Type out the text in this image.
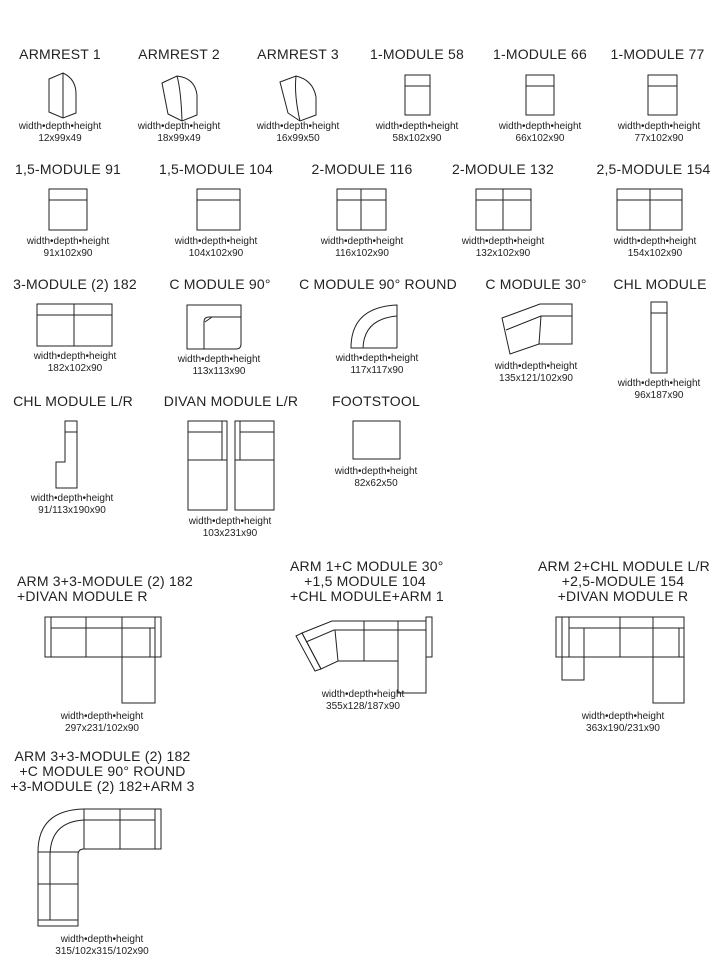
ARMREST 1
width•depth•height
12x99x49
ARMREST 2
width•depth•height
18x99x49
ARMREST 3
width•depth•height
16x99x50
1-MODULE 58
width•depth•height
58x102x90
1-MODULE 66
width•depth•height
66x102x90
1-MODULE 77
width•depth•height
77x102x90
1,5-MODULE 91
width•depth•height
91x102x90
1,5-MODULE 104
width•depth•height
104x102x90
2-MODULE 116
width•depth•height
116x102x90
2-MODULE 132
width•depth•height
132x102x90
2,5-MODULE 154
width•depth•height
154x102x90
3-MODULE (2) 182
width•depth•height
182x102x90
C MODULE 90°
width•depth•height
113x113x90
C MODULE 90° ROUND
width•depth•height
117x117x90
C MODULE 30°
width•depth•height
135x121/102x90
CHL MODULE
width•depth•height
96x187x90
CHL MODULE L/R
width•depth•height
91/113x190x90
DIVAN MODULE L/R
width•depth•height
103x231x90
FOOTSTOOL
width•depth•height
82x62x50
ARM 3+3-MODULE (2) 182
+DIVAN MODULE R
width•depth•height
297x231/102x90
ARM 1+C MODULE 30°
+1,5 MODULE 104
+CHL MODULE+ARM 1
width•depth•height
355x128/187x90
ARM 2+CHL MODULE L/R
+2,5-MODULE 154
+DIVAN MODULE R
width•depth•height
363x190/231x90
ARM 3+3-MODULE (2) 182
+C MODULE 90° ROUND
+3-MODULE (2) 182+ARM 3
width•depth•height
315/102x315/102x90
